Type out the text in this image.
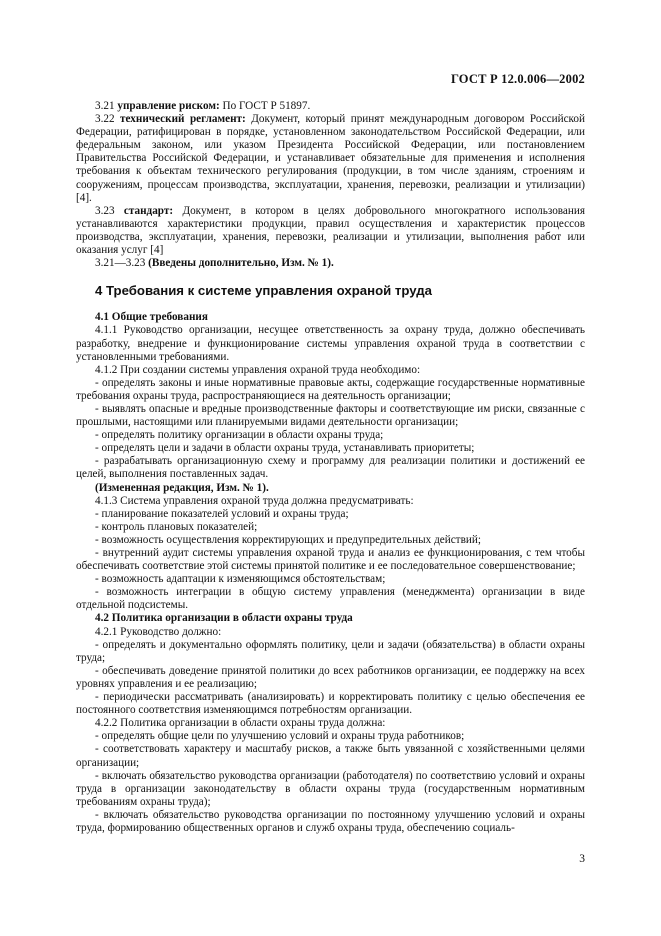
ГОСТ Р 12.0.006—2002

3.21 управление риском: По ГОСТ Р 51897.

3.22 технический регламент: Документ, который принят международным договором Российской Федерации, ратифицирован в порядке, установленном законодательством Российской Федерации, или федеральным законом, или указом Президента Российской Федерации, или постановлением Правительства Российской Федерации, и устанавливает обязательные для применения и исполнения требования к объектам технического регулирования (продукции, в том числе зданиям, строениям и сооружениям, процессам производства, эксплуатации, хранения, перевозки, реализации и утилизации) [4].

3.23 стандарт: Документ, в котором в целях добровольного многократного использования устанавливаются характеристики продукции, правил осуществления и характеристик процессов производства, эксплуатации, хранения, перевозки, реализации и утилизации, выполнения работ или оказания услуг [4]

3.21—3.23 (Введены дополнительно, Изм. № 1).

4 Требования к системе управления охраной труда

4.1 Общие требования

4.1.1 Руководство организации, несущее ответственность за охрану труда, должно обеспечивать разработку, внедрение и функционирование системы управления охраной труда в соответствии с установленными требованиями.

4.1.2 При создании системы управления охраной труда необходимо:

- определять законы и иные нормативные правовые акты, содержащие государственные нормативные требования охраны труда, распространяющиеся на деятельность организации;
- выявлять опасные и вредные производственные факторы и соответствующие им риски, связанные с прошлыми, настоящими или планируемыми видами деятельности организации;
- определять политику организации в области охраны труда;
- определять цели и задачи в области охраны труда, устанавливать приоритеты;
- разрабатывать организационную схему и программу для реализации политики и достижений ее целей, выполнения поставленных задач.

(Измененная редакция, Изм. № 1).

4.1.3 Система управления охраной труда должна предусматривать:

- планирование показателей условий и охраны труда;
- контроль плановых показателей;
- возможность осуществления корректирующих и предупредительных действий;
- внутренний аудит системы управления охраной труда и анализ ее функционирования, с тем чтобы обеспечивать соответствие этой системы принятой политике и ее последовательное совершенствование;
- возможность адаптации к изменяющимся обстоятельствам;
- возможность интеграции в общую систему управления (менеджмента) организации в виде отдельной подсистемы.

4.2 Политика организации в области охраны труда

4.2.1 Руководство должно:

- определять и документально оформлять политику, цели и задачи (обязательства) в области охраны труда;
- обеспечивать доведение принятой политики до всех работников организации, ее поддержку на всех уровнях управления и ее реализацию;
- периодически рассматривать (анализировать) и корректировать политику с целью обеспечения ее постоянного соответствия изменяющимся потребностям организации.

4.2.2 Политика организации в области охраны труда должна:

- определять общие цели по улучшению условий и охраны труда работников;
- соответствовать характеру и масштабу рисков, а также быть увязанной с хозяйственными целями организации;
- включать обязательство руководства организации (работодателя) по соответствию условий и охраны труда в организации законодательству в области охраны труда (государственным нормативным требованиям охраны труда);
- включать обязательство руководства организации по постоянному улучшению условий и охраны труда, формированию общественных органов и служб охраны труда, обеспечению социаль-
3
